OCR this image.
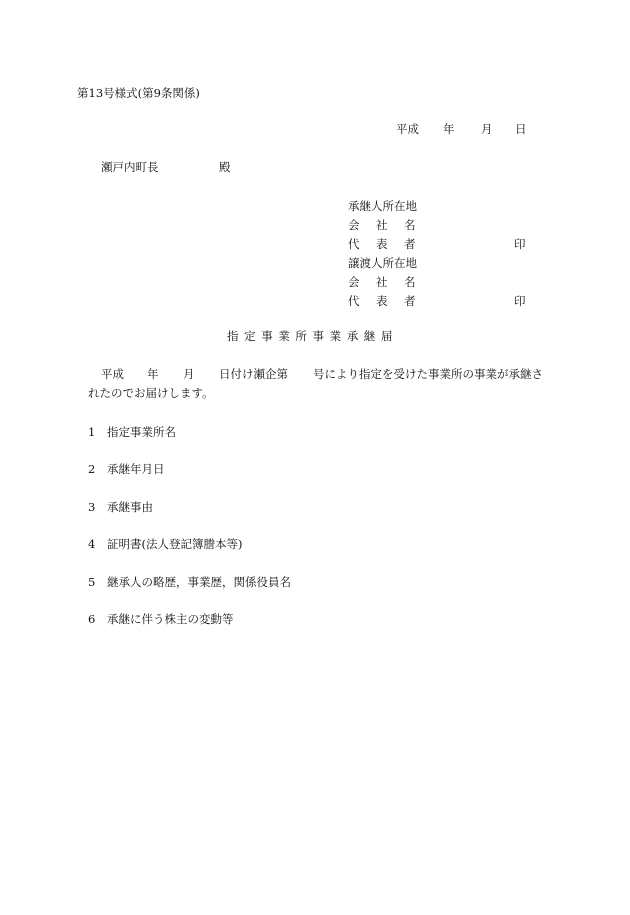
第13号様式(第9条関係)
平成 年 月 日
瀬戸内町長	殿
承継人所在地
会社名
代表者	印
譲渡人所在地
会社名
代表者	印
指定事業所事業承継届
平成 年 月 日付け瀬企第 号により指定を受けた事業所の事業が承継さ
れたのでお届けします。
1 指定事業所名
2 承継年月日
3 承継事由
4 証明書(法人登記簿謄本等)
5 継承人の略歴，事業歴，関係役員名
6 承継に伴う株主の変動等
